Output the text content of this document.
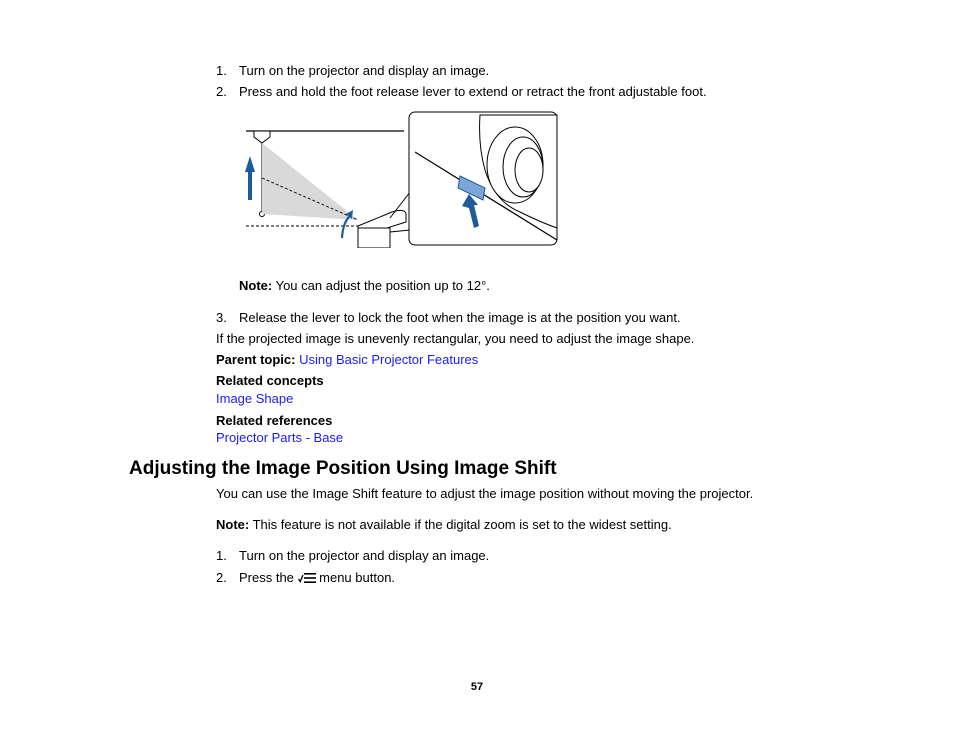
1. Turn on the projector and display an image.
2. Press and hold the foot release lever to extend or retract the front adjustable foot.
Note: You can adjust the position up to 12°.
3. Release the lever to lock the foot when the image is at the position you want.
If the projected image is unevenly rectangular, you need to adjust the image shape.
Parent topic: Using Basic Projector Features
Related concepts
Image Shape
Related references
Projector Parts - Base
Adjusting the Image Position Using Image Shift
You can use the Image Shift feature to adjust the image position without moving the projector.
Note: This feature is not available if the digital zoom is set to the widest setting.
1. Turn on the projector and display an image.
2. Press the  menu button.
57
